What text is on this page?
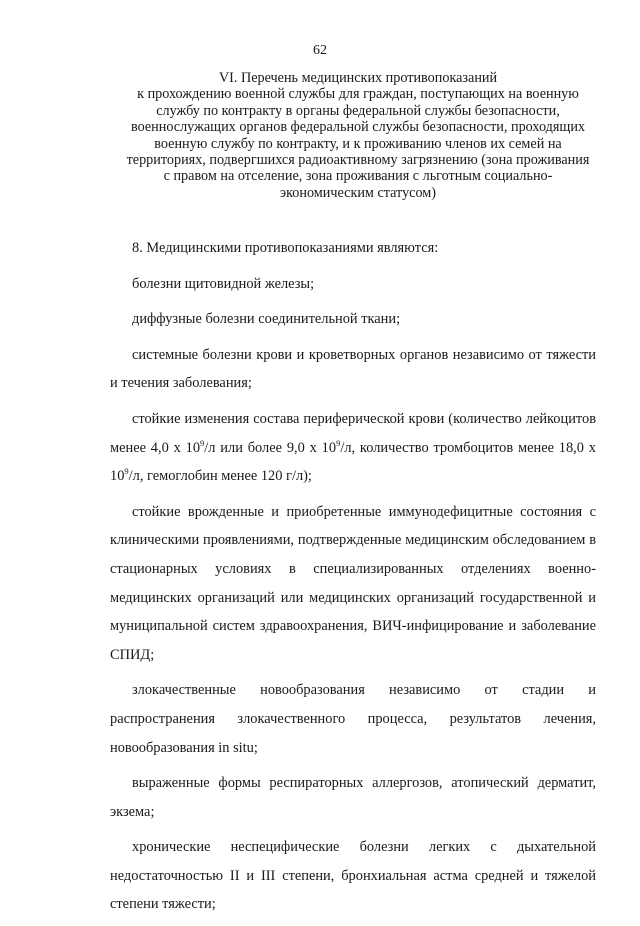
62
VI. Перечень медицинских противопоказаний
к прохождению военной службы для граждан, поступающих на военную
службу по контракту в органы федеральной службы безопасности,
военнослужащих органов федеральной службы безопасности, проходящих
военную службу по контракту, и к проживанию членов их семей на
территориях, подвергшихся радиоактивному загрязнению (зона проживания
с правом на отселение, зона проживания с льготным социально-
экономическим статусом)

8. Медицинскими противопоказаниями являются:

болезни щитовидной железы;

диффузные болезни соединительной ткани;

системные болезни крови и кроветворных органов независимо от тяжести и течения заболевания;

стойкие изменения состава периферической крови (количество лейкоцитов менее 4,0 х $10^9/л$ или более 9,0 х $10^9/л$, количество тромбоцитов менее 18,0 х $10^9/л$, гемоглобин менее 120 г/л);

стойкие врожденные и приобретенные иммунодефицитные состояния с клиническими проявлениями, подтвержденные медицинским обследованием в стационарных условиях в специализированных отделениях военно-медицинских организаций или медицинских организаций государственной и муниципальной систем здравоохранения, ВИЧ-инфицирование и заболевание СПИД;

злокачественные новообразования независимо от стадии и распространения злокачественного процесса, результатов лечения, новообразования in situ;

выраженные формы респираторных аллергозов, атопический дерматит, экзема;

хронические неспецифические болезни легких с дыхательной недостаточностью II и III степени, бронхиальная астма средней и тяжелой степени тяжести;
